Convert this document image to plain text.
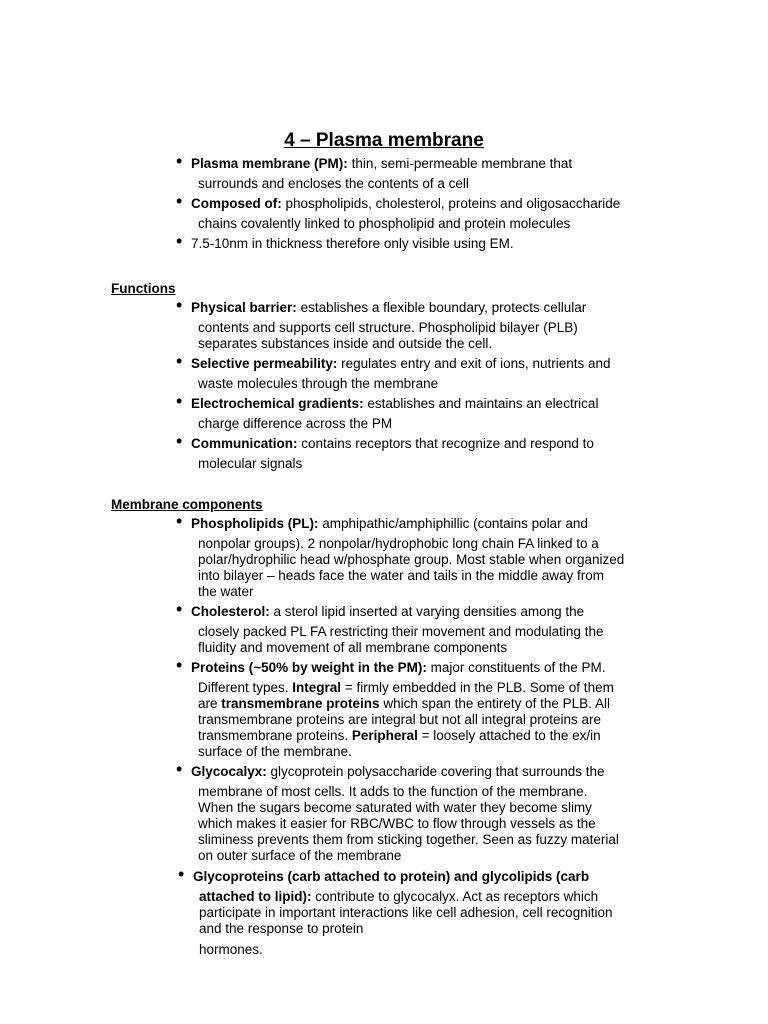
4 – Plasma membrane
• Plasma membrane (PM): thin, semi-permeable membrane that
surrounds and encloses the contents of a cell
• Composed of: phospholipids, cholesterol, proteins and oligosaccharide
chains covalently linked to phospholipid and protein molecules
• 7.5-10nm in thickness therefore only visible using EM.
Functions
• Physical barrier: establishes a flexible boundary, protects cellular
contents and supports cell structure. Phospholipid bilayer (PLB)
separates substances inside and outside the cell.
• Selective permeability: regulates entry and exit of ions, nutrients and
waste molecules through the membrane
• Electrochemical gradients: establishes and maintains an electrical
charge difference across the PM
• Communication: contains receptors that recognize and respond to
molecular signals
Membrane components
• Phospholipids (PL): amphipathic/amphiphillic (contains polar and
nonpolar groups). 2 nonpolar/hydrophobic long chain FA linked to a
polar/hydrophilic head w/phosphate group. Most stable when organized
into bilayer – heads face the water and tails in the middle away from
the water
• Cholesterol: a sterol lipid inserted at varying densities among the
closely packed PL FA restricting their movement and modulating the
fluidity and movement of all membrane components
• Proteins (~50% by weight in the PM): major constituents of the PM.
Different types. Integral = firmly embedded in the PLB. Some of them
are transmembrane proteins which span the entirety of the PLB. All
transmembrane proteins are integral but not all integral proteins are
transmembrane proteins. Peripheral = loosely attached to the ex/in
surface of the membrane.
• Glycocalyx: glycoprotein polysaccharide covering that surrounds the
membrane of most cells. It adds to the function of the membrane.
When the sugars become saturated with water they become slimy
which makes it easier for RBC/WBC to flow through vessels as the
sliminess prevents them from sticking together. Seen as fuzzy material
on outer surface of the membrane
• Glycoproteins (carb attached to protein) and glycolipids (carb
attached to lipid): contribute to glycocalyx. Act as receptors which
participate in important interactions like cell adhesion, cell recognition
and the response to protein
hormones.
